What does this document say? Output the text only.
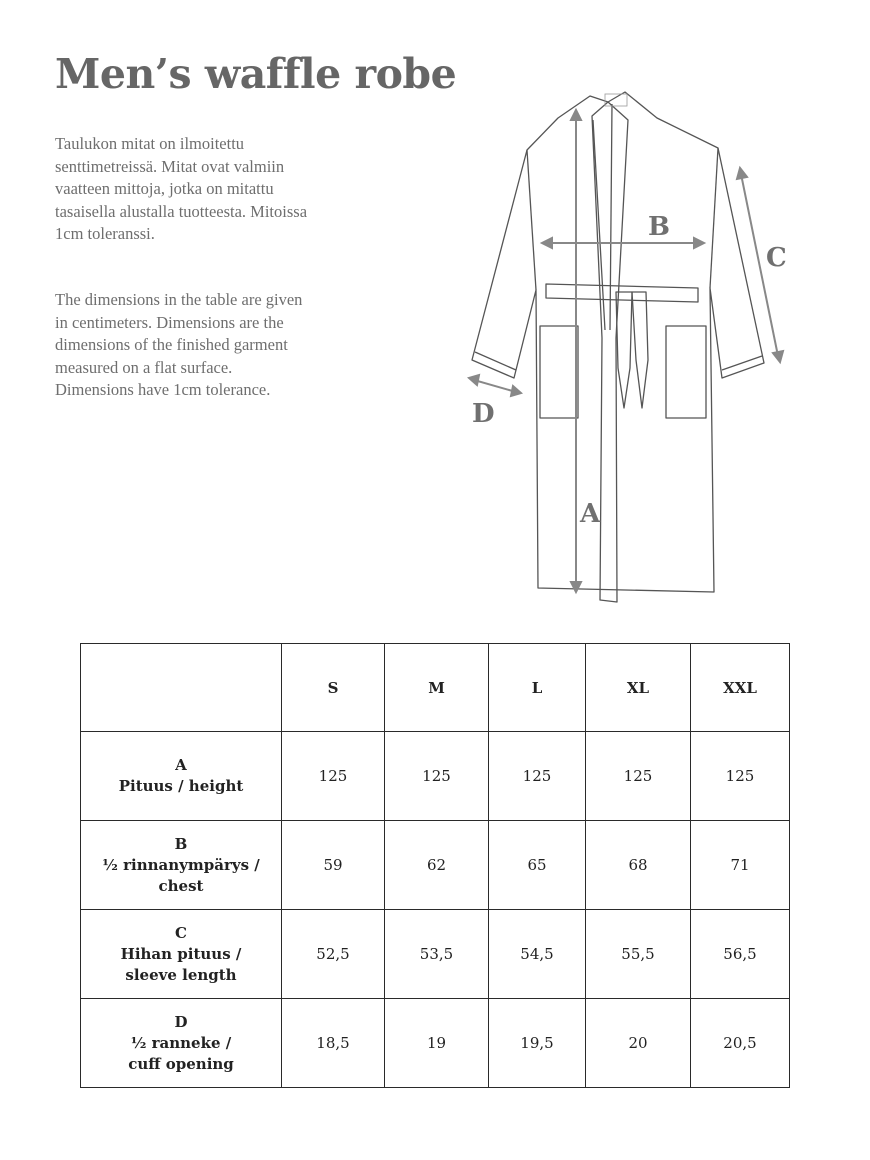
Men’s waffle robe

Taulukon mitat on ilmoitettu
senttimetreissä. Mitat ovat valmiin
vaatteen mittoja, jotka on mitattu
tasaisella alustalla tuotteesta. Mitoissa
1cm toleranssi.

The dimensions in the table are given
in centimeters. Dimensions are the
dimensions of the finished garment
measured on a flat surface.
Dimensions have 1cm tolerance.

A
B
C
D
	S	M	L	XL	XXL

A
Pituus / height	125	125	125	125	125

B
½ rinnanympärys /
chest	59	62	65	68	71

C
Hihan pituus /
sleeve length	52,5	53,5	54,5	55,5	56,5

D
½ ranneke /
cuff opening	18,5	19	19,5	20	20,5
